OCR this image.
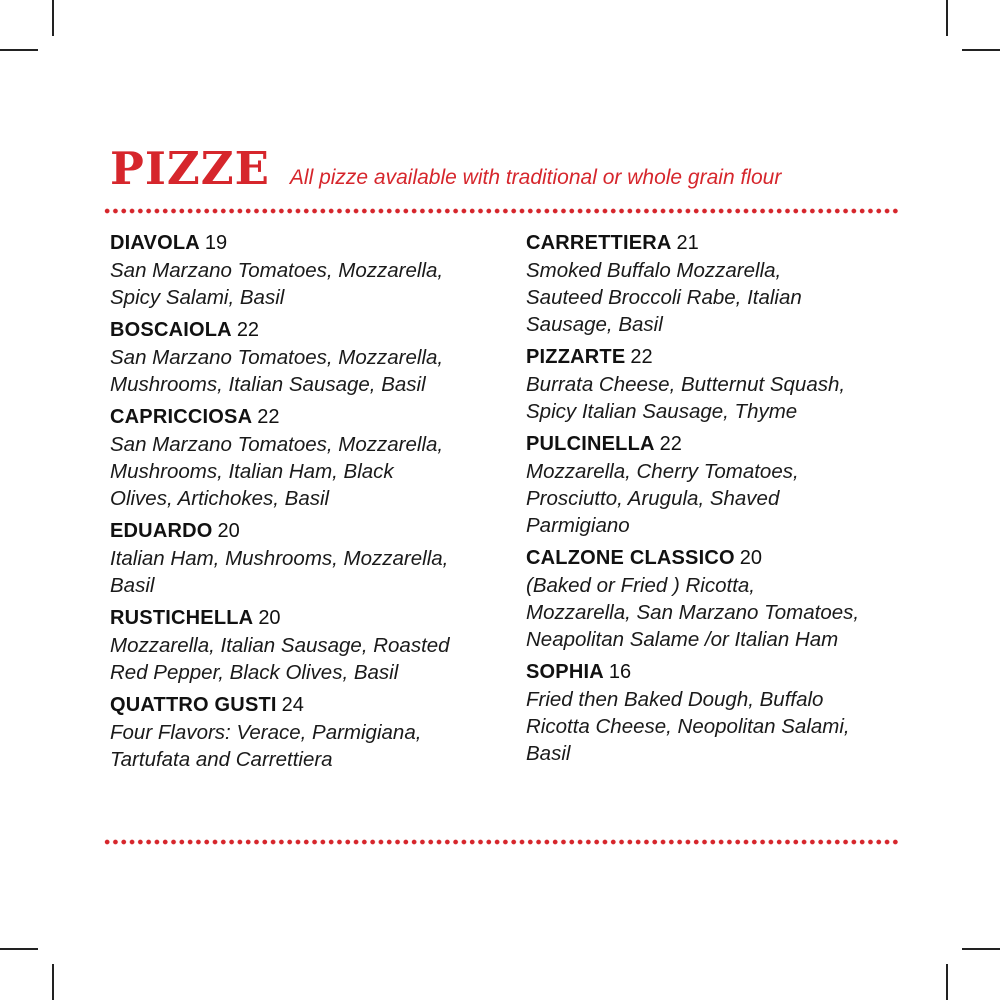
PIZZE All pizze available with traditional or whole grain flour
DIAVOLA 19
San Marzano Tomatoes, Mozzarella,
Spicy Salami, Basil
BOSCAIOLA 22
San Marzano Tomatoes, Mozzarella,
Mushrooms, Italian Sausage, Basil
CAPRICCIOSA 22
San Marzano Tomatoes, Mozzarella,
Mushrooms, Italian Ham, Black
Olives, Artichokes, Basil
EDUARDO 20
Italian Ham, Mushrooms, Mozzarella,
Basil
RUSTICHELLA 20
Mozzarella, Italian Sausage, Roasted
Red Pepper, Black Olives, Basil
QUATTRO GUSTI 24
Four Flavors: Verace, Parmigiana,
Tartufata and Carrettiera
CARRETTIERA 21
Smoked Buffalo Mozzarella,
Sauteed Broccoli Rabe, Italian
Sausage, Basil
PIZZARTE 22
Burrata Cheese, Butternut Squash,
Spicy Italian Sausage, Thyme
PULCINELLA 22
Mozzarella, Cherry Tomatoes,
Prosciutto, Arugula, Shaved
Parmigiano
CALZONE CLASSICO 20
(Baked or Fried ) Ricotta,
Mozzarella, San Marzano Tomatoes,
Neapolitan Salame /or Italian Ham
SOPHIA 16
Fried then Baked Dough, Buffalo
Ricotta Cheese, Neopolitan Salami,
Basil
